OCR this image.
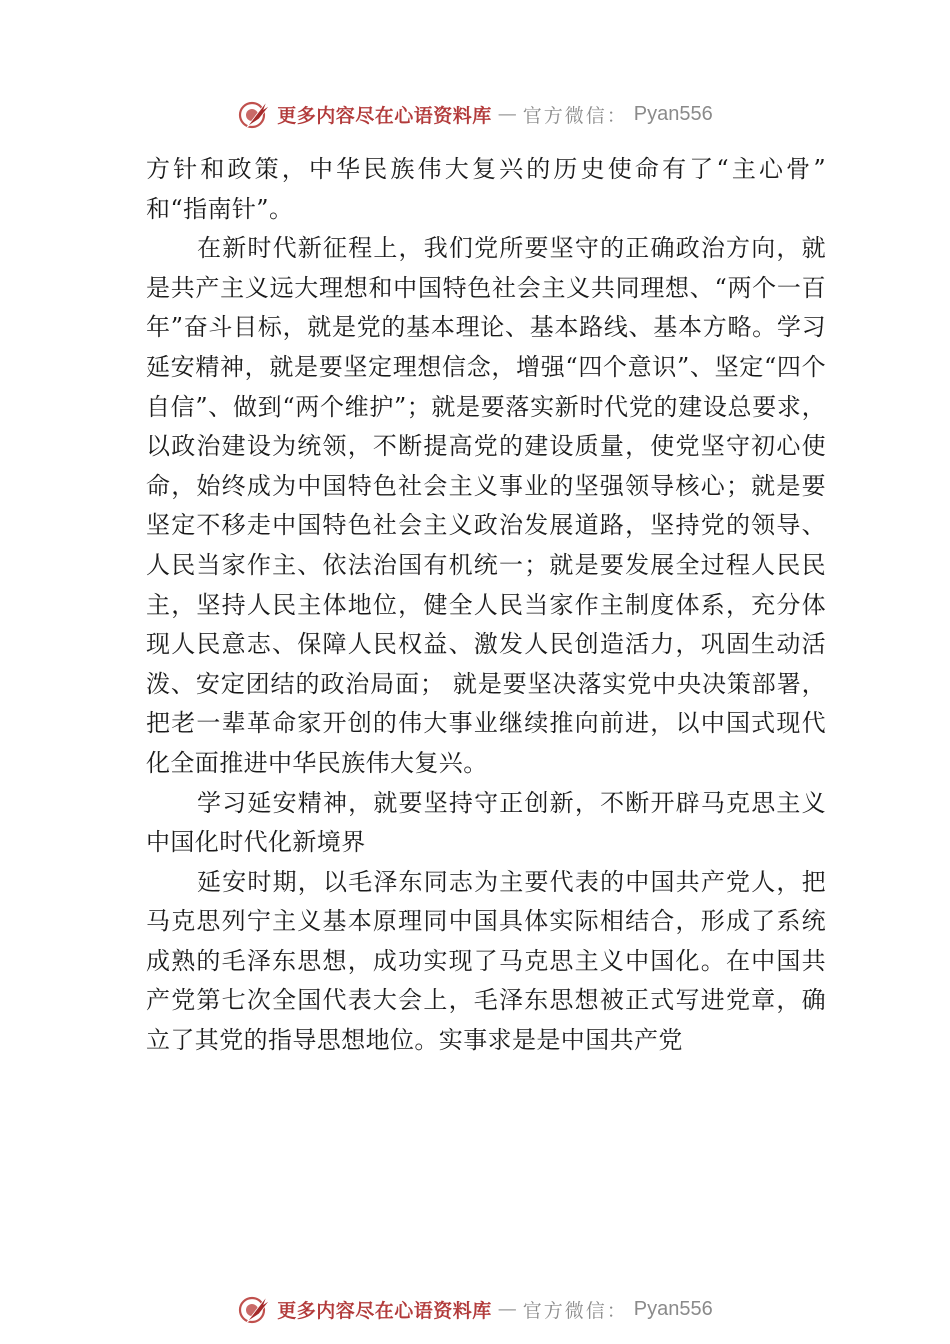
更多内容尽在心语资料库 — 官方微信： Pyan556

方针和政策，中华民族伟大复兴的历史使命有了“主心骨” 和“指南针”。

在新时代新征程上，我们党所要坚守的正确政治方向，就是共产主义远大理想和中国特色社会主义共同理想、“两个一百年”奋斗目标，就是党的基本理论、基本路线、基本方略。学习延安精神，就是要坚定理想信念，增强“四个意识”、坚定“四个自信”、做到“两个维护”；就是要落实新时代党的建设总要求，以政治建设为统领，不断提高党的建设质量，使党坚守初心使命，始终成为中国特色社会主义事业的坚强领导核心；就是要坚定不移走中国特色社会主义政治发展道路，坚持党的领导、人民当家作主、依法治国有机统一；就是要发展全过程人民民主，坚持人民主体地位，健全人民当家作主制度体系，充分体现人民意志、保障人民权益、激发人民创造活力，巩固生动活泼、安定团结的政治局面； 就是要坚决落实党中央决策部署，把老一辈革命家开创的伟大事业继续推向前进，以中国式现代化全面推进中华民族伟大复兴。

学习延安精神，就要坚持守正创新，不断开辟马克思主义中国化时代化新境界

延安时期，以毛泽东同志为主要代表的中国共产党人，把马克思列宁主义基本原理同中国具体实际相结合，形成了系统成熟的毛泽东思想，成功实现了马克思主义中国化。在中国共产党第七次全国代表大会上，毛泽东思想被正式写进党章，确立了其党的指导思想地位。实事求是是中国共产党

更多内容尽在心语资料库 — 官方微信： Pyan556
